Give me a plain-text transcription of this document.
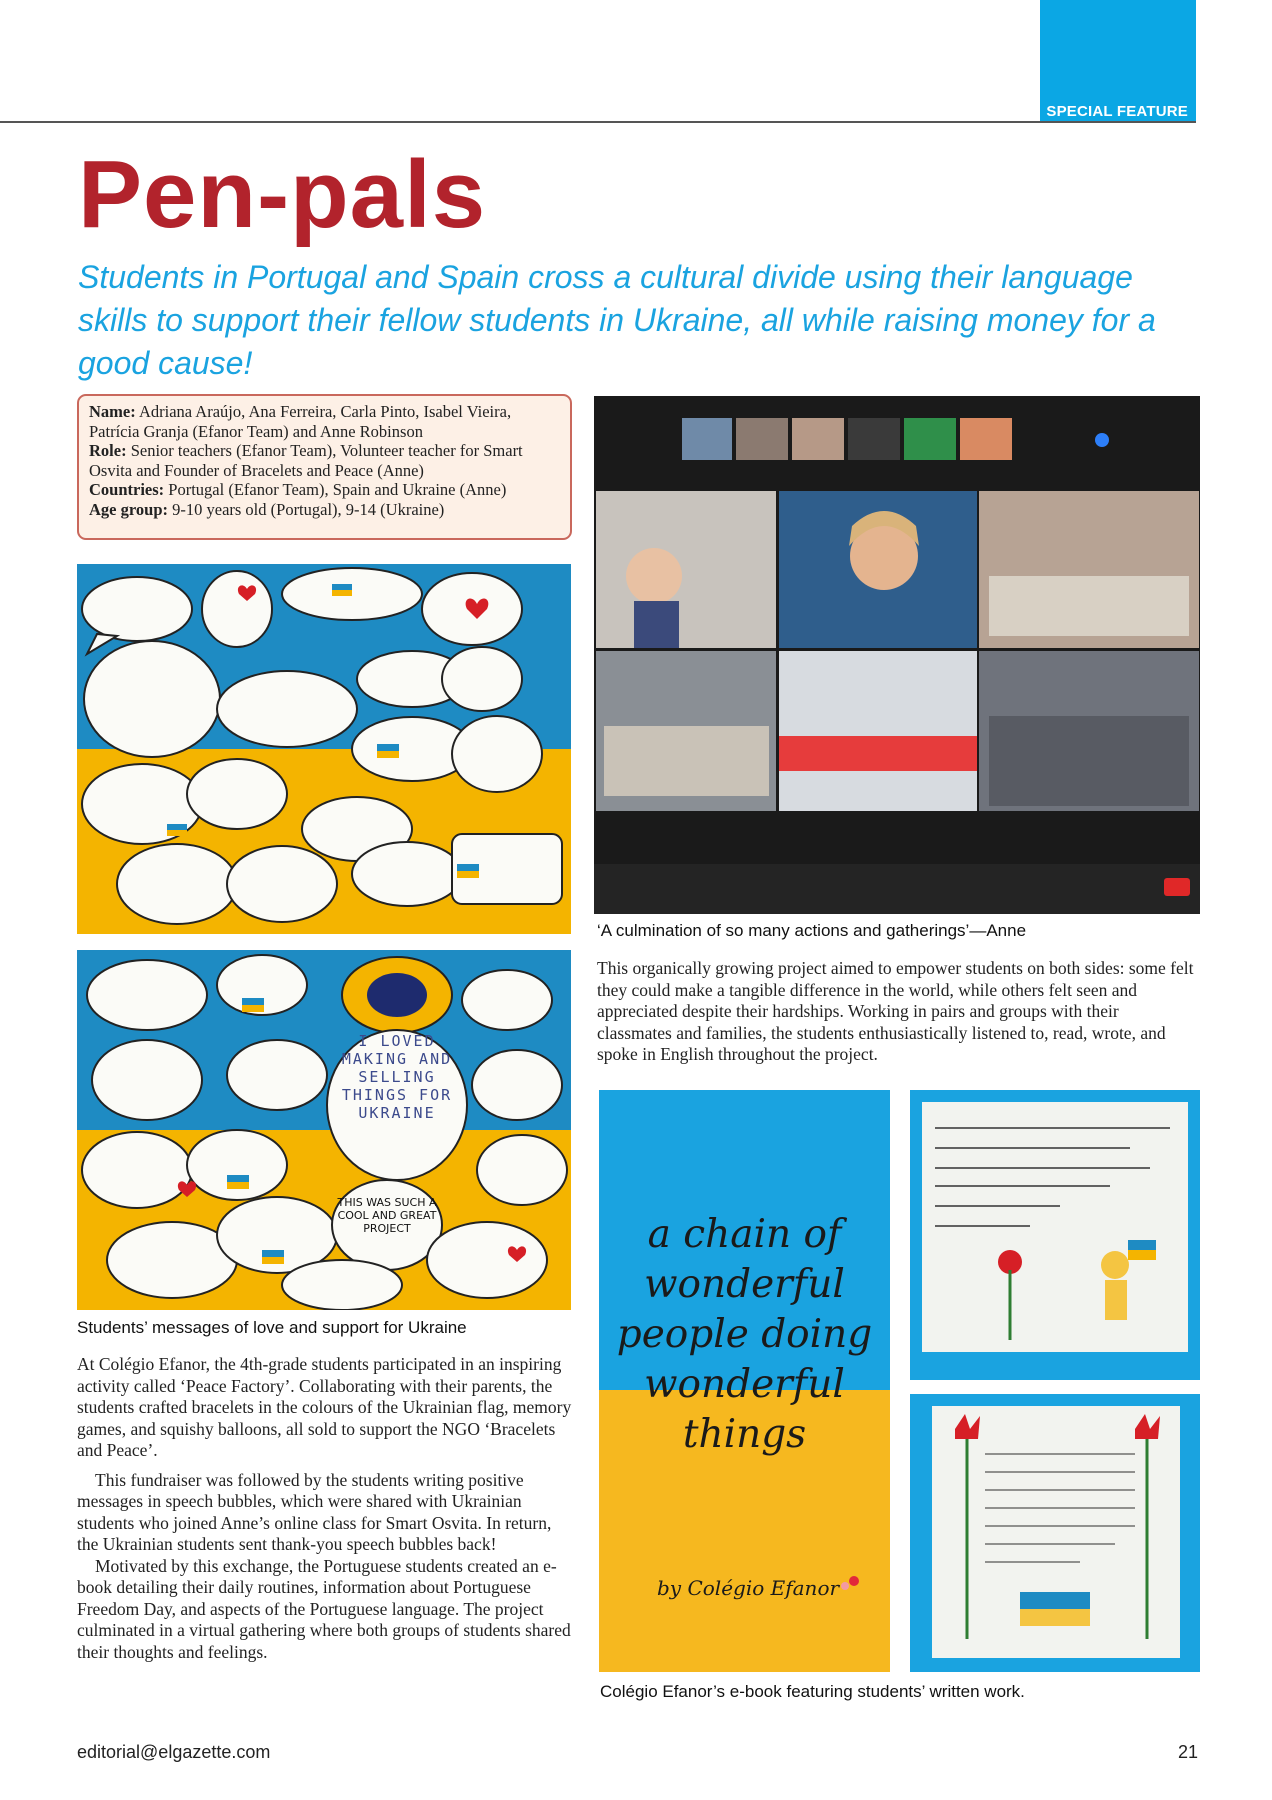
SPECIAL FEATURE
Pen-pals
Students in Portugal and Spain cross a cultural divide using their language skills to support their fellow students in Ukraine, all while raising money for a good cause!
Name: Adriana Araújo, Ana Ferreira, Carla Pinto, Isabel Vieira, Patrícia Granja (Efanor Team) and Anne Robinson
Role: Senior teachers (Efanor Team), Volunteer teacher for Smart Osvita and Founder of Bracelets and Peace (Anne)
Countries: Portugal (Efanor Team), Spain and Ukraine (Anne)
Age group: 9-10 years old (Portugal), 9-14 (Ukraine)
I LOVED MAKING AND SELLING THINGS FOR UKRAINE
THIS WAS SUCH A COOL AND GREAT PROJECT
‘A culmination of so many actions and gatherings’—Anne
This organically growing project aimed to empower students on both sides: some felt they could make a tangible difference in the world, while others felt seen and appreciated despite their hardships. Working in pairs and groups with their classmates and families, the students enthusiastically listened to, read, wrote, and spoke in English throughout the project.
a chain of
wonderful
people doing
wonderful
things
by Colégio Efanor
Colégio Efanor’s e-book featuring students’ written work.
Students’ messages of love and support for Ukraine

At Colégio Efanor, the 4th-grade students participated in an inspiring activity called ‘Peace Factory’. Collaborating with their parents, the students crafted bracelets in the colours of the Ukrainian flag, memory games, and squishy balloons, all sold to support the NGO ‘Bracelets and Peace’.

This fundraiser was followed by the students writing positive messages in speech bubbles, which were shared with Ukrainian students who joined Anne’s online class for Smart Osvita. In return, the Ukrainian students sent thank-you speech bubbles back!

Motivated by this exchange, the Portuguese students created an e-book detailing their daily routines, information about Portuguese Freedom Day, and aspects of the Portuguese language. The project culminated in a virtual gathering where both groups of students shared their thoughts and feelings.

editorial@elgazette.com	21
